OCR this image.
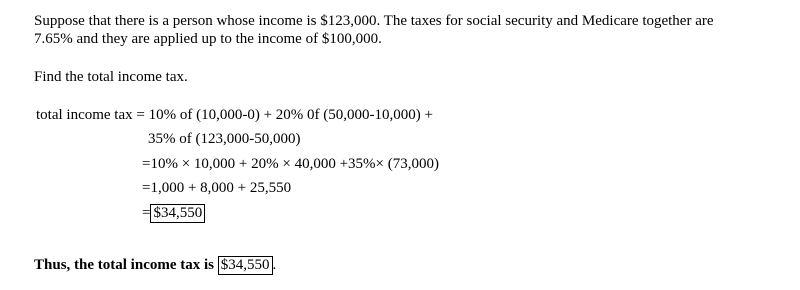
Suppose that there is a person whose income is $123,000. The taxes for social security and Medicare together are
7.65% and they are applied up to the income of $100,000.
Find the total income tax.
total income tax = 10% of (10,000-0) + 20% 0f (50,000-10,000) +
35% of (123,000-50,000)
=10% × 10,000 + 20% × 40,000 +35%× (73,000)
=1,000 + 8,000 + 25,550
= $34,550
Thus, the total income tax is $34,550 .
